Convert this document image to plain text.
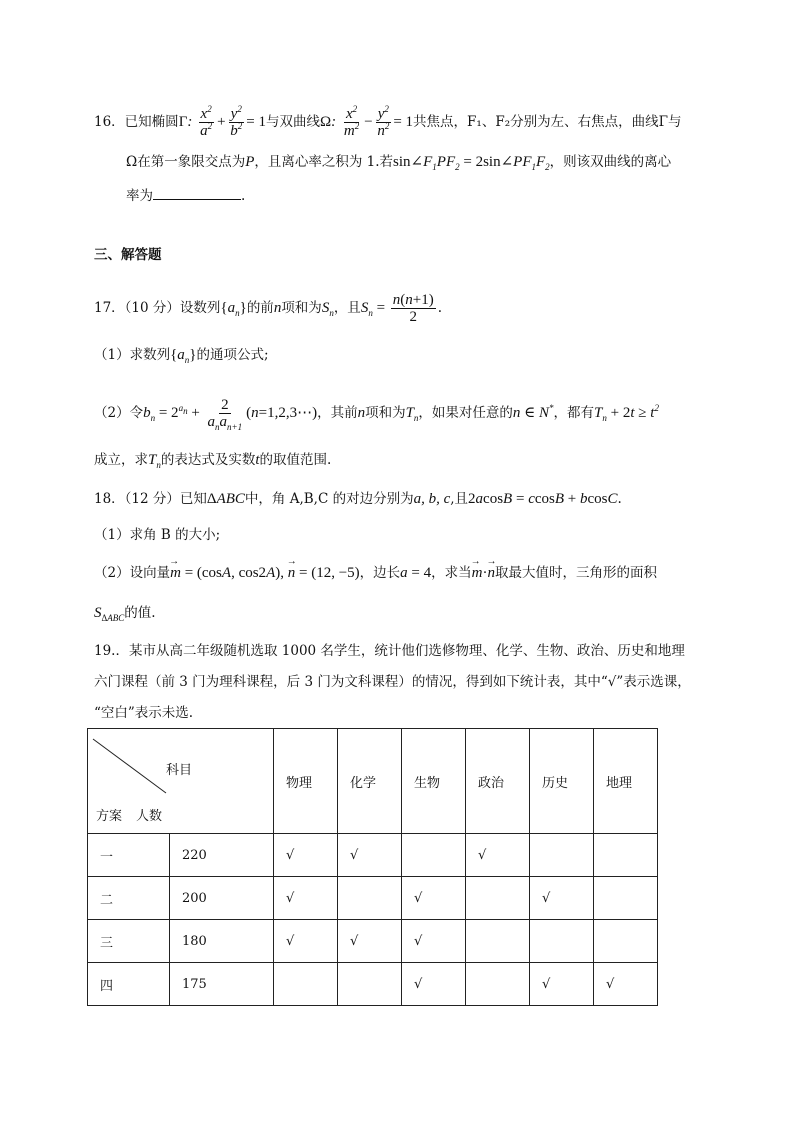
16．已知椭圆Γ: $\frac{x^2}{a^2} + \frac{y^2}{b^2} = 1$与双曲线Ω: $\frac{x^2}{m^2} - \frac{y^2}{n^2} = 1$共焦点，F₁、F₂分别为左、右焦点，曲线Γ与
Ω在第一象限交点为P，且离心率之积为 1.若$\sin\angle F_1PF_2$ = $2\sin\angle PF_1F_2$，则该双曲线的离心
率为	.
三、解答题
17．（10 分）设数列$\{a_n\}$的前n项和为$S_n$，且$S_n = \frac{n(n+1)}{2}$ .
（1）求数列$\{a_n\}$的通项公式;
（2）令$b_n = 2^{a_n} + \frac{2}{a_na_{n+1}}$ (n=1,2,3⋯)，其前n项和为$T_n$，如果对任意的n ∈ N*，都有$T_n + 2t \ge t^2$
成立，求$T_n$的表达式及实数t的取值范围.
18．（12 分）已知ΔABC中，角 A,B,C 的对边分别为a, b, c,且2acosB = ccosB + bcosC.
（1）求角 B 的大小;
（2）设向量→ m = (cosA, cos2A), → n = (12, −5)，边长a = 4，求当→ m·→ n取最大值时，三角形的面积
$S_{\Delta ABC}$的值.
19.．某市从高二年级随机选取 1000 名学生，统计他们选修物理、化学、生物、政治、历史和地理
六门课程（前 3 门为理科课程，后 3 门为文科课程）的情况，得到如下统计表，其中“√”表示选课，
“空白”表示未选.
科目
方案 人数		物理	化学	生物	政治	历史	地理
一	220	√	√		√		
二	200	√		√		√	
三	180	√	√	√			
四	175			√		√	√
